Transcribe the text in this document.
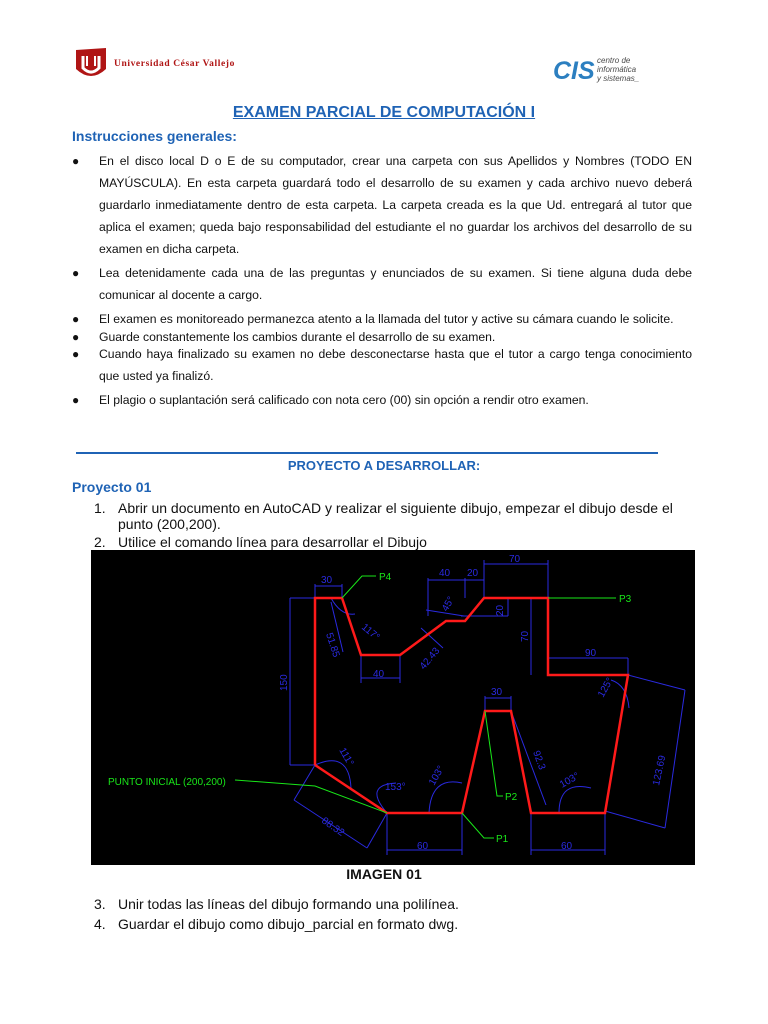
Universidad César Vallejo	CIS centro de
informática
y sistemas_
EXAMEN PARCIAL DE COMPUTACIÓN I
Instrucciones generales:
● En el disco local D o E de su computador, crear una carpeta con sus Apellidos y Nombres (TODO EN MAYÚSCULA). En esta carpeta guardará todo el desarrollo de su examen y cada archivo nuevo deberá guardarlo inmediatamente dentro de esta carpeta. La carpeta creada es la que Ud. entregará al tutor que aplica el examen; queda bajo responsabilidad del estudiante el no guardar los archivos del desarrollo de su examen en dicha carpeta.
● Lea detenidamente cada una de las preguntas y enunciados de su examen. Si tiene alguna duda debe comunicar al docente a cargo.
● El examen es monitoreado permanezca atento a la llamada del tutor y active su cámara cuando le solicite.
● Guarde constantemente los cambios durante el desarrollo de su examen.
● Cuando haya finalizado su examen no debe desconectarse hasta que el tutor a cargo tenga conocimiento que usted ya finalizó.
● El plagio o suplantación será calificado con nota cero (00) sin opción a rendir otro examen.
PROYECTO A DESARROLLAR:
Proyecto 01
1. Abrir un documento en AutoCAD y realizar el siguiente dibujo, empezar el dibujo desde el punto (200,200).
2. Utilice el comando línea para desarrollar el Dibujo
30
40 20
70
51.85 117°
40
45°	20
70
42.43
150
90
125°
30
111°	123.69
153° 103°
92.3
103°
88.32
60	60
P4
P3
P2
P1
PUNTO INICIAL (200,200)
IMAGEN 01
3. Unir todas las líneas del dibujo formando una polilínea.
4. Guardar el dibujo como dibujo_parcial en formato dwg.
